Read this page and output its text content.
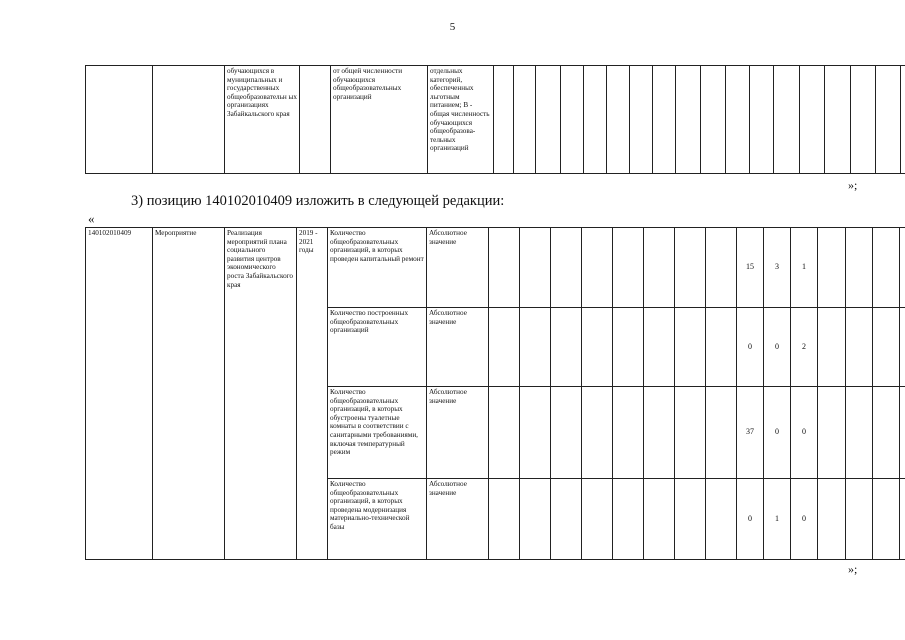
5
		обучающихся в муниципальных и государственных общеобразовательн ых организациях Забайкальского края		от общей численности обучающихся общеобразовательных организаций	отдельных категорий, обеспеченных льготным питанием; В - общая численность обучающихся общеобразова-тельных организаций																			
»;
3) позицию 140102010409 изложить в следующей редакции:
«
140102010409	Мероприятие	Реализация мероприятий плана социального развития центров экономического роста Забайкальского края	2019 - 2021 годы	Количество общеобразовательных организаций, в которых проведен капитальный ремонт	Абсолютное значение									15	3	1				
				Количество построенных общеобразовательных организаций	Абсолютное значение									0	0	2				
				Количество общеобразовательных организаций, в которых обустроены туалетные комнаты в соответствии с санитарными требованиями, включая температурный режим	Абсолютное значение									37	0	0				
				Количество общеобразовательных организаций, в которых проведена модернизация материально-технической базы	Абсолютное значение									0	1	0				
»;
